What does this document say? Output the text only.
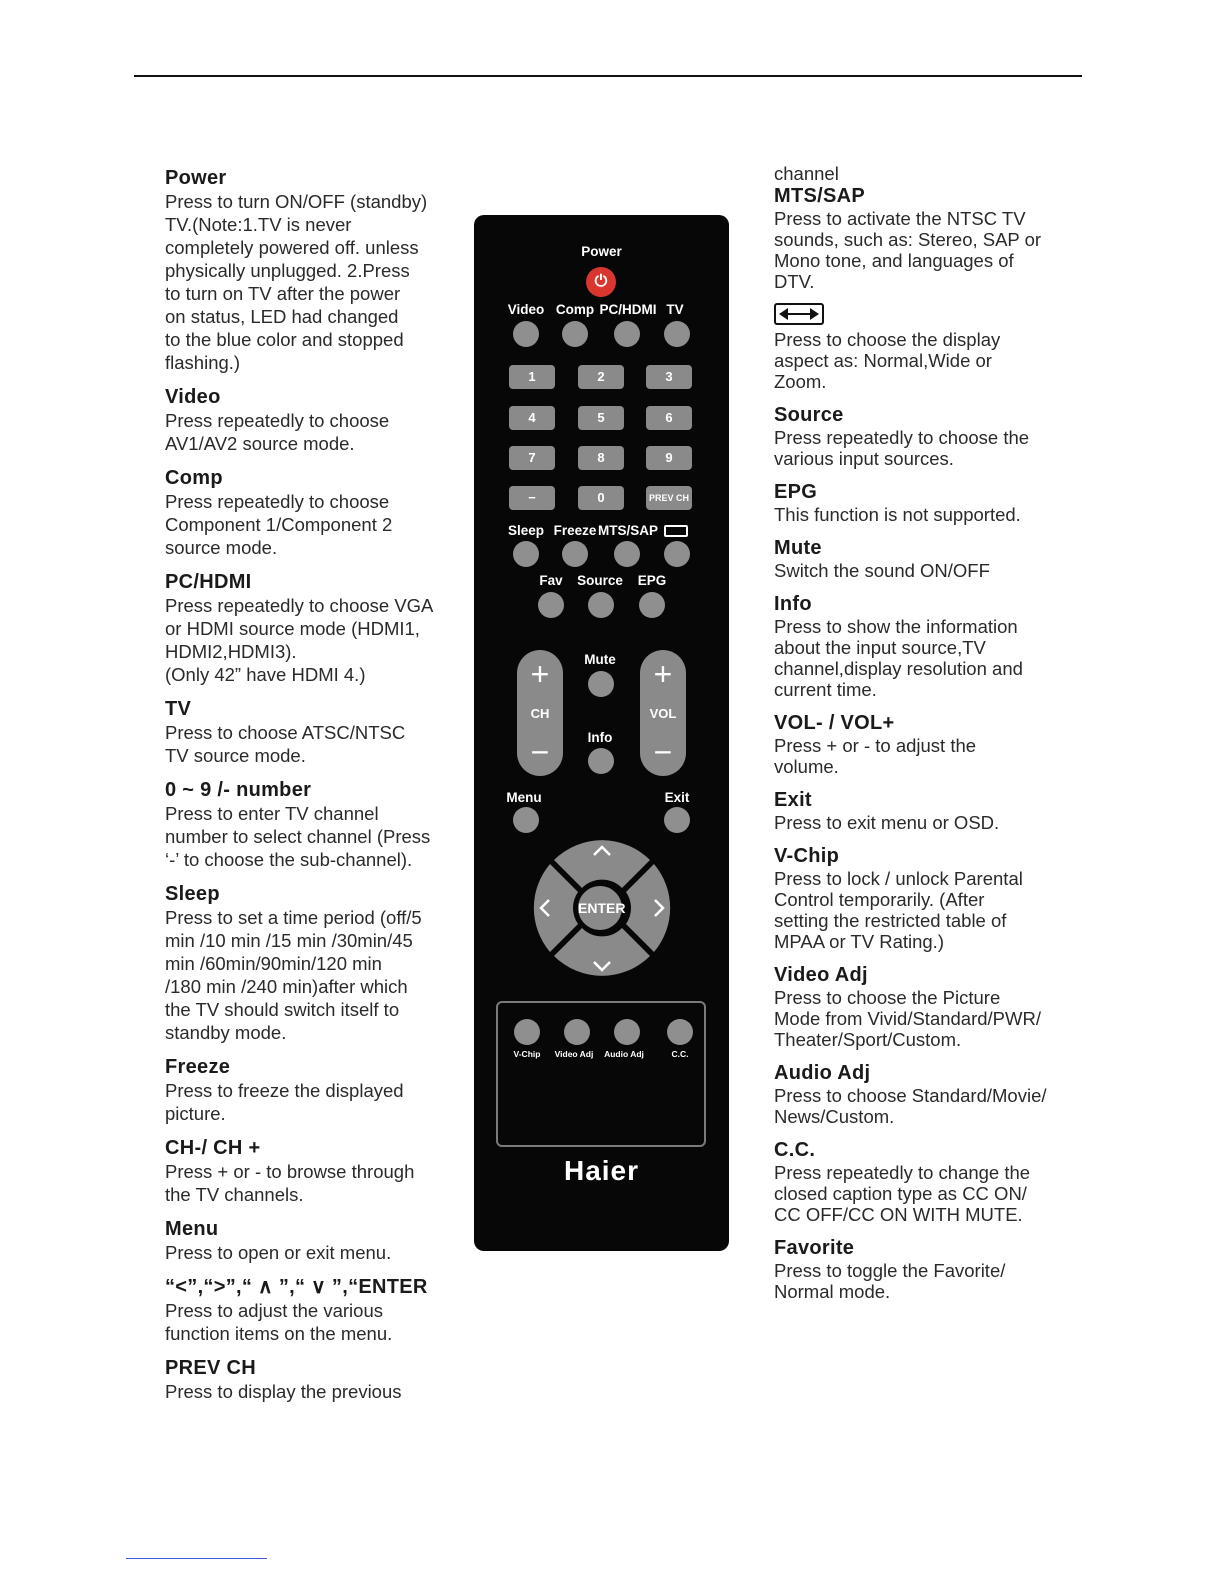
Power

Press to turn ON/OFF (standby)
TV.(Note:1.TV is never
completely powered off. unless
physically unplugged. 2.Press
to turn on TV after the power
on status, LED had changed
to the blue color and stopped
flashing.)

Video

Press repeatedly to choose
AV1/AV2 source mode.

Comp

Press repeatedly to choose
Component 1/Component 2
source mode.

PC/HDMI

Press repeatedly to choose VGA
or HDMI source mode (HDMI1,
HDMI2,HDMI3).
(Only 42” have HDMI 4.)

TV

Press to choose ATSC/NTSC
TV source mode.

0 ~ 9 /- number

Press to enter TV channel
number to select channel (Press
‘-’ to choose the sub-channel).

Sleep

Press to set a time period (off/5
min /10 min /15 min /30min/45
min /60min/90min/120 min
/180 min /240 min)after which
the TV should switch itself to
standby mode.

Freeze

Press to freeze the displayed
picture.

CH-/ CH +

Press + or - to browse through
the TV channels.

Menu

Press to open or exit menu.

“<”,“>”,“ ∧ ”,“ ∨ ”,“ENTER

Press to adjust the various
function items on the menu.

PREV CH

Press to display the previous

channel

MTS/SAP

Press to activate the NTSC TV
sounds, such as: Stereo, SAP or
Mono tone, and languages of
DTV.

Press to choose the display
aspect as: Normal,Wide or
Zoom.

Source

Press repeatedly to choose the
various input sources.

EPG

This function is not supported.

Mute

Switch the sound ON/OFF

Info

Press to show the information
about the input source,TV
channel,display resolution and
current time.

VOL- / VOL+

Press + or - to adjust the
volume.

Exit

Press to exit menu or OSD.

V-Chip

Press to lock / unlock Parental
Control temporarily. (After
setting the restricted table of
MPAA or TV Rating.)

Video Adj

Press to choose the Picture
Mode from Vivid/Standard/PWR/
Theater/Sport/Custom.

Audio Adj

Press to choose Standard/Movie/
News/Custom.

C.C.

Press repeatedly to change the
closed caption type as CC ON/
CC OFF/CC ON WITH MUTE.

Favorite

Press to toggle the Favorite/
Normal mode.

Power
⏻
Video Comp PC/HDMI TV
1	2	3
4	5	6
7	8	9
−	0	PREV CH
Sleep Freeze MTS/SAP
Fav	Source	EPG
+
CH
−
+
VOL
−
Mute
Info
Menu	Exit
ENTER
V-Chip	Video Adj	Audio Adj	C.C.
Haier
